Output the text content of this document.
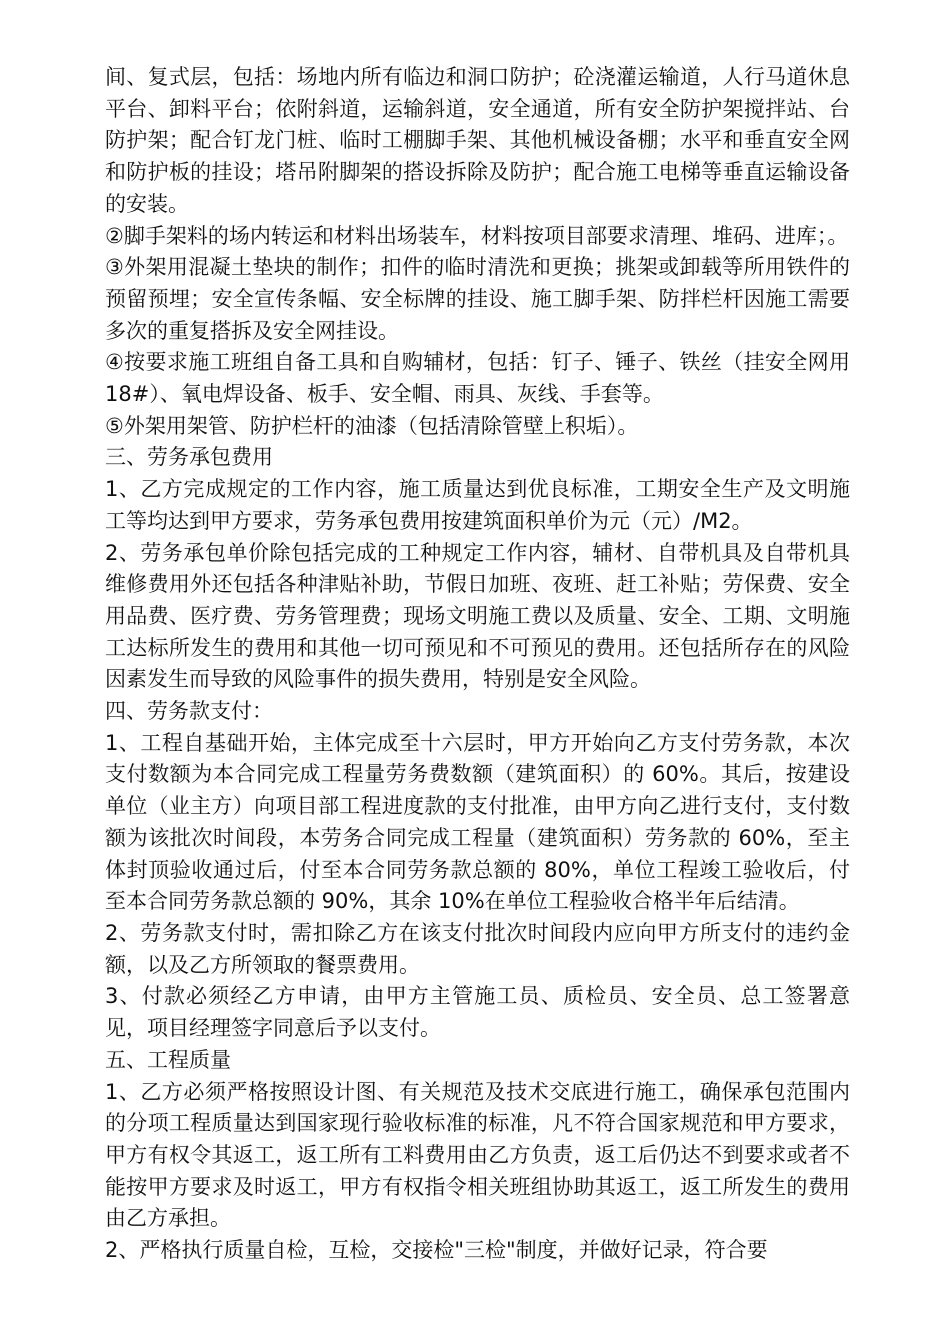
间、复式层，包括：场地内所有临边和洞口防护；砼浇灌运输道，人行马道休息平台、卸料平台；依附斜道，运输斜道，安全通道，所有安全防护架搅拌站、台防护架；配合钉龙门桩、临时工棚脚手架、其他机械设备棚；水平和垂直安全网和防护板的挂设；塔吊附脚架的搭设拆除及防护；配合施工电梯等垂直运输设备的安装。

②脚手架料的场内转运和材料出场装车，材料按项目部要求清理、堆码、进库；。

③外架用混凝土垫块的制作；扣件的临时清洗和更换；挑架或卸载等所用铁件的预留预埋；安全宣传条幅、安全标牌的挂设、施工脚手架、防拌栏杆因施工需要多次的重复搭拆及安全网挂设。

④按要求施工班组自备工具和自购辅材，包括：钉子、锤子、铁丝（挂安全网用 18#）、氧电焊设备、板手、安全帽、雨具、灰线、手套等。

⑤外架用架管、防护栏杆的油漆（包括清除管壁上积垢）。

三、劳务承包费用

1、乙方完成规定的工作内容，施工质量达到优良标准，工期安全生产及文明施工等均达到甲方要求，劳务承包费用按建筑面积单价为元（元）/M2。

2、劳务承包单价除包括完成的工种规定工作内容，辅材、自带机具及自带机具维修费用外还包括各种津贴补助，节假日加班、夜班、赶工补贴；劳保费、安全用品费、医疗费、劳务管理费；现场文明施工费以及质量、安全、工期、文明施工达标所发生的费用和其他一切可预见和不可预见的费用。还包括所存在的风险因素发生而导致的风险事件的损失费用，特别是安全风险。

四、劳务款支付：

1、工程自基础开始，主体完成至十六层时，甲方开始向乙方支付劳务款，本次支付数额为本合同完成工程量劳务费数额（建筑面积）的 60%。其后，按建设单位（业主方）向项目部工程进度款的支付批准，由甲方向乙进行支付，支付数额为该批次时间段，本劳务合同完成工程量（建筑面积）劳务款的 60%，至主体封顶验收通过后，付至本合同劳务款总额的 80%，单位工程竣工验收后，付至本合同劳务款总额的 90%，其余 10%在单位工程验收合格半年后结清。

2、劳务款支付时，需扣除乙方在该支付批次时间段内应向甲方所支付的违约金额，以及乙方所领取的餐票费用。

3、付款必须经乙方申请，由甲方主管施工员、质检员、安全员、总工签署意见，项目经理签字同意后予以支付。

五、工程质量

1、乙方必须严格按照设计图、有关规范及技术交底进行施工，确保承包范围内的分项工程质量达到国家现行验收标准的标准，凡不符合国家规范和甲方要求，甲方有权令其返工，返工所有工料费用由乙方负责，返工后仍达不到要求或者不能按甲方要求及时返工，甲方有权指令相关班组协助其返工，返工所发生的费用由乙方承担。

2、严格执行质量自检，互检，交接检"三检"制度，并做好记录，符合要
